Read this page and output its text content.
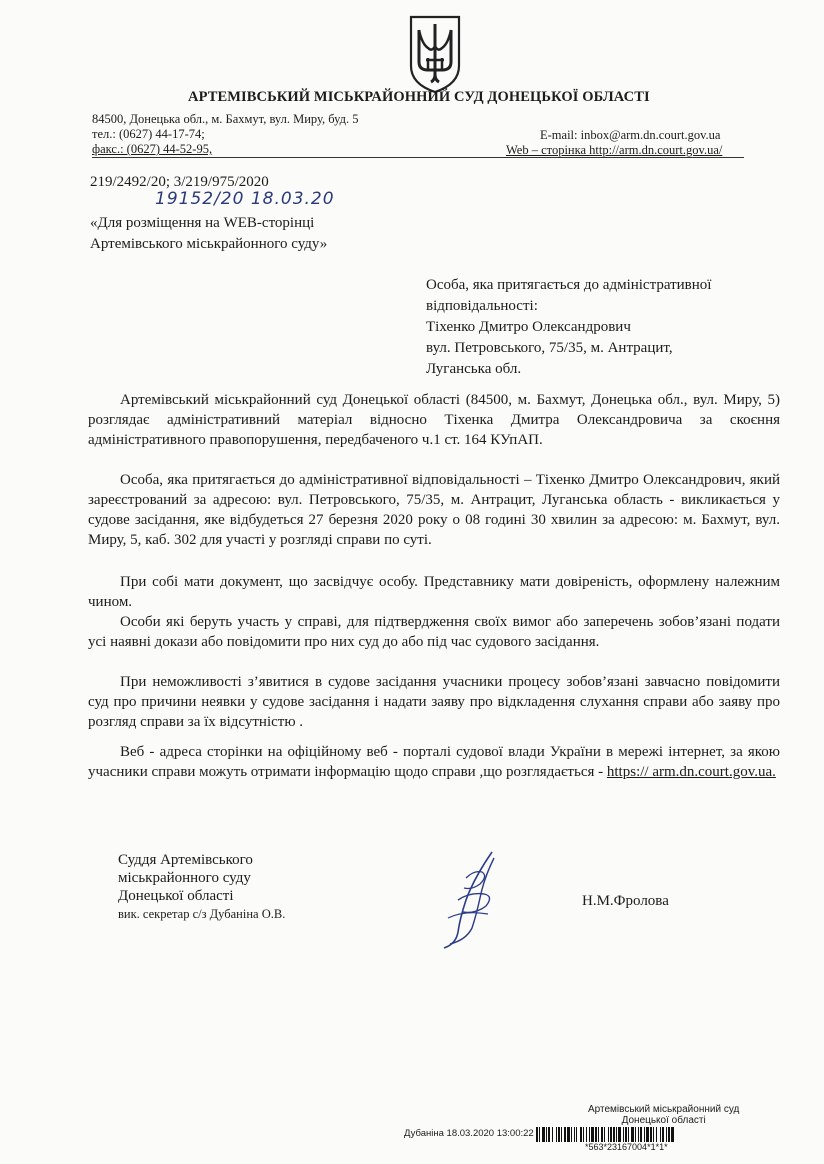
АРТЕМІВСЬКИЙ МІСЬКРАЙОННИЙ СУД ДОНЕЦЬКОЇ ОБЛАСТІ
84500, Донецька обл., м. Бахмут, вул. Миру, буд. 5
тел.: (0627) 44-17-74;
факс.: (0627) 44-52-95,
E-mail: inbox@arm.dn.court.gov.ua
Web – сторінка http://arm.dn.court.gov.ua/
219/2492/20; 3/219/975/2020
19152/20 18.03.20
«Для розміщення на WEB-сторінці
Артемівського міськрайонного суду»
Особа, яка притягається до адміністративної
відповідальності:
Тіхенко Дмитро Олександрович
вул. Петровського, 75/35, м. Антрацит,
Луганська обл.

Артемівський міськрайонний суд Донецької області (84500, м. Бахмут, Донецька обл., вул. Миру, 5) розглядає адміністративний матеріал відносно Тіхенка Дмитра Олександровича за скоєння адміністративного правопорушення, передбаченого ч.1 ст. 164 КУпАП.

Особа, яка притягається до адміністративної відповідальності – Тіхенко Дмитро Олександрович, який зареєстрований за адресою: вул. Петровського, 75/35, м. Антрацит, Луганська область - викликається у судове засідання, яке відбудеться 27 березня 2020 року о 08 годині 30 хвилин за адресою: м. Бахмут, вул. Миру, 5, каб. 302 для участі у розгляді справи по суті.

При собі мати документ, що засвідчує особу. Представнику мати довіреність, оформлену належним чином.

Особи які беруть участь у справі, для підтвердження своїх вимог або заперечень зобов’язані подати усі наявні докази або повідомити про них суд до або під час судового засідання.

При неможливості з’явитися в судове засідання учасники процесу зобов’язані завчасно повідомити суд про причини неявки у судове засідання і надати заяву про відкладення слухання справи або заяву про розгляд справи за їх відсутністю .

Веб - адреса сторінки на офіційному веб - порталі судової влади України в мережі інтернет, за якою учасники справи можуть отримати інформацію щодо справи ,що розглядається - https:// arm.dn.court.gov.ua.

Суддя Артемівського
міськрайонного суду
Донецької області
вик. секретар с/з Дубаніна О.В.
Н.М.Фролова
Артемівський міськрайонний суд
Донецької області
Дубаніна 18.03.2020 13:00:22
*563*23167004*1*1*
